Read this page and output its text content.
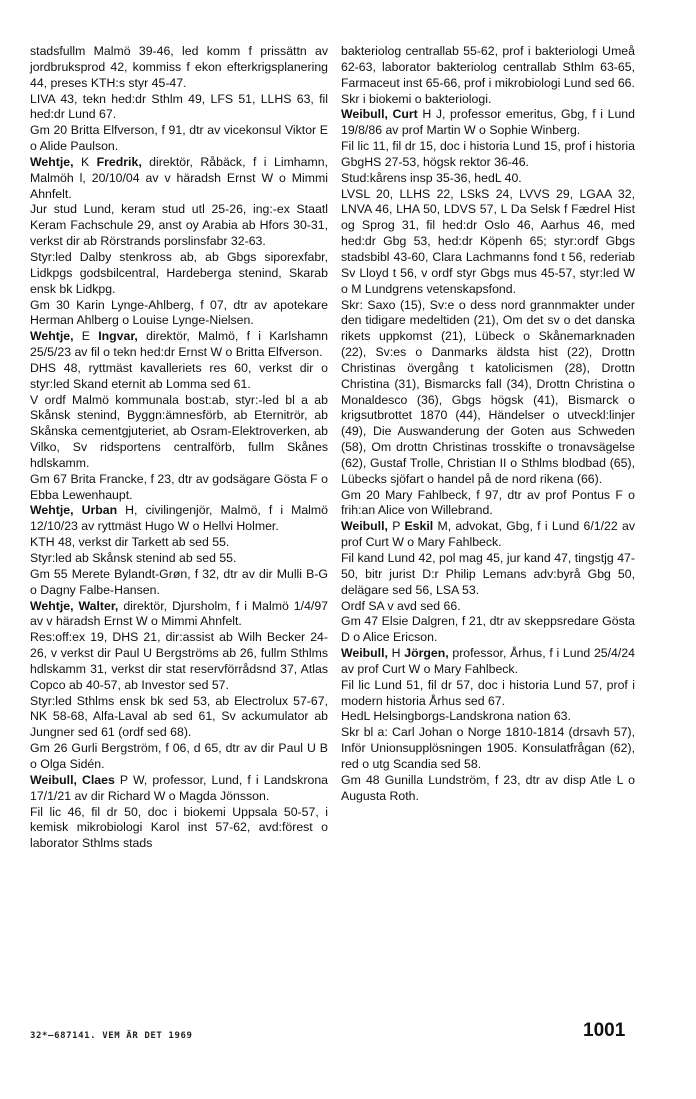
stadsfullm Malmö 39-46, led komm f prissättn av jordbruksprod 42, kommiss f ekon efterkrigsplanering 44, preses KTH:s styr 45-47.

LIVA 43, tekn hed:dr Sthlm 49, LFS 51, LLHS 63, fil hed:dr Lund 67.

Gm 20 Britta Elfverson, f 91, dtr av vicekonsul Viktor E o Alide Paulson.

Wehtje, K Fredrik, direktör, Råbäck, f i Limhamn, Malmöh l, 20/10/04 av v häradsh Ernst W o Mimmi Ahnfelt.

Jur stud Lund, keram stud utl 25-26, ing:-ex Staatl Keram Fachschule 29, anst oy Arabia ab Hfors 30-31, verkst dir ab Rörstrands porslinsfabr 32-63.

Styr:led Dalby stenkross ab, ab Gbgs siporexfabr, Lidkpgs godsbilcentral, Hardeberga stenind, Skarab ensk bk Lidkpg.

Gm 30 Karin Lynge-Ahlberg, f 07, dtr av apotekare Herman Ahlberg o Louise Lynge-Nielsen.

Wehtje, E Ingvar, direktör, Malmö, f i Karlshamn 25/5/23 av fil o tekn hed:dr Ernst W o Britta Elfverson.

DHS 48, ryttmäst kavalleriets res 60, verkst dir o styr:led Skand eternit ab Lomma sed 61.

V ordf Malmö kommunala bost:ab, styr:-led bl a ab Skånsk stenind, Byggn:ämnesförb, ab Eternitrör, ab Skånska cementgjuteriet, ab Osram-Elektroverken, ab Vilko, Sv ridsportens centralförb, fullm Skånes hdlskamm.

Gm 67 Brita Francke, f 23, dtr av godsägare Gösta F o Ebba Lewenhaupt.

Wehtje, Urban H, civilingenjör, Malmö, f i Malmö 12/10/23 av ryttmäst Hugo W o Hellvi Holmer.

KTH 48, verkst dir Tarkett ab sed 55.

Styr:led ab Skånsk stenind ab sed 55.

Gm 55 Merete Bylandt-Grøn, f 32, dtr av dir Mulli B-G o Dagny Falbe-Hansen.

Wehtje, Walter, direktör, Djursholm, f i Malmö 1/4/97 av v häradsh Ernst W o Mimmi Ahnfelt.

Res:off:ex 19, DHS 21, dir:assist ab Wilh Becker 24-26, v verkst dir Paul U Bergströms ab 26, fullm Sthlms hdlskamm 31, verkst dir stat reservförrådsnd 37, Atlas Copco ab 40-57, ab Investor sed 57.

Styr:led Sthlms ensk bk sed 53, ab Electrolux 57-67, NK 58-68, Alfa-Laval ab sed 61, Sv ackumulator ab Jungner sed 61 (ordf sed 68).

Gm 26 Gurli Bergström, f 06, d 65, dtr av dir Paul U B o Olga Sidén.

Weibull, Claes P W, professor, Lund, f i Landskrona 17/1/21 av dir Richard W o Magda Jönsson.

Fil lic 46, fil dr 50, doc i biokemi Uppsala 50-57, i kemisk mikrobiologi Karol inst 57-62, avd:förest o laborator Sthlms stads

bakteriolog centrallab 55-62, prof i bakteriologi Umeå 62-63, laborator bakteriolog centrallab Sthlm 63-65, Farmaceut inst 65-66, prof i mikrobiologi Lund sed 66.

Skr i biokemi o bakteriologi.

Weibull, Curt H J, professor emeritus, Gbg, f i Lund 19/8/86 av prof Martin W o Sophie Winberg.

Fil lic 11, fil dr 15, doc i historia Lund 15, prof i historia GbgHS 27-53, högsk rektor 36-46.

Stud:kårens insp 35-36, hedL 40.

LVSL 20, LLHS 22, LSkS 24, LVVS 29, LGAA 32, LNVA 46, LHA 50, LDVS 57, L Da Selsk f Fædrel Hist og Sprog 31, fil hed:dr Oslo 46, Aarhus 46, med hed:dr Gbg 53, hed:dr Köpenh 65; styr:ordf Gbgs stadsbibl 43-60, Clara Lachmanns fond t 56, rederiab Sv Lloyd t 56, v ordf styr Gbgs mus 45-57, styr:led W o M Lundgrens vetenskapsfond.

Skr: Saxo (15), Sv:e o dess nord grannmakter under den tidigare medeltiden (21), Om det sv o det danska rikets uppkomst (21), Lübeck o Skånemarknaden (22), Sv:es o Danmarks äldsta hist (22), Drottn Christinas övergång t katolicismen (28), Drottn Christina (31), Bismarcks fall (34), Drottn Christina o Monaldesco (36), Gbgs högsk (41), Bismarck o krigsutbrottet 1870 (44), Händelser o utveckl:linjer (49), Die Auswanderung der Goten aus Schweden (58), Om drottn Christinas trosskifte o tronavsägelse (62), Gustaf Trolle, Christian II o Sthlms blodbad (65), Lübecks sjöfart o handel på de nord rikena (66).

Gm 20 Mary Fahlbeck, f 97, dtr av prof Pontus F o frih:an Alice von Willebrand.

Weibull, P Eskil M, advokat, Gbg, f i Lund 6/1/22 av prof Curt W o Mary Fahlbeck.

Fil kand Lund 42, pol mag 45, jur kand 47, tingstjg 47-50, bitr jurist D:r Philip Lemans adv:byrå Gbg 50, delägare sed 56, LSA 53.

Ordf SA v avd sed 66.

Gm 47 Elsie Dalgren, f 21, dtr av skeppsredare Gösta D o Alice Ericson.

Weibull, H Jörgen, professor, Århus, f i Lund 25/4/24 av prof Curt W o Mary Fahlbeck.

Fil lic Lund 51, fil dr 57, doc i historia Lund 57, prof i modern historia Århus sed 67.

HedL Helsingborgs-Landskrona nation 63.

Skr bl a: Carl Johan o Norge 1810-1814 (drsavh 57), Inför Unionsupplösningen 1905. Konsulatfrågan (62), red o utg Scandia sed 58.

Gm 48 Gunilla Lundström, f 23, dtr av disp Atle L o Augusta Roth.

32*—687141. VEM ÄR DET 1969	1001
